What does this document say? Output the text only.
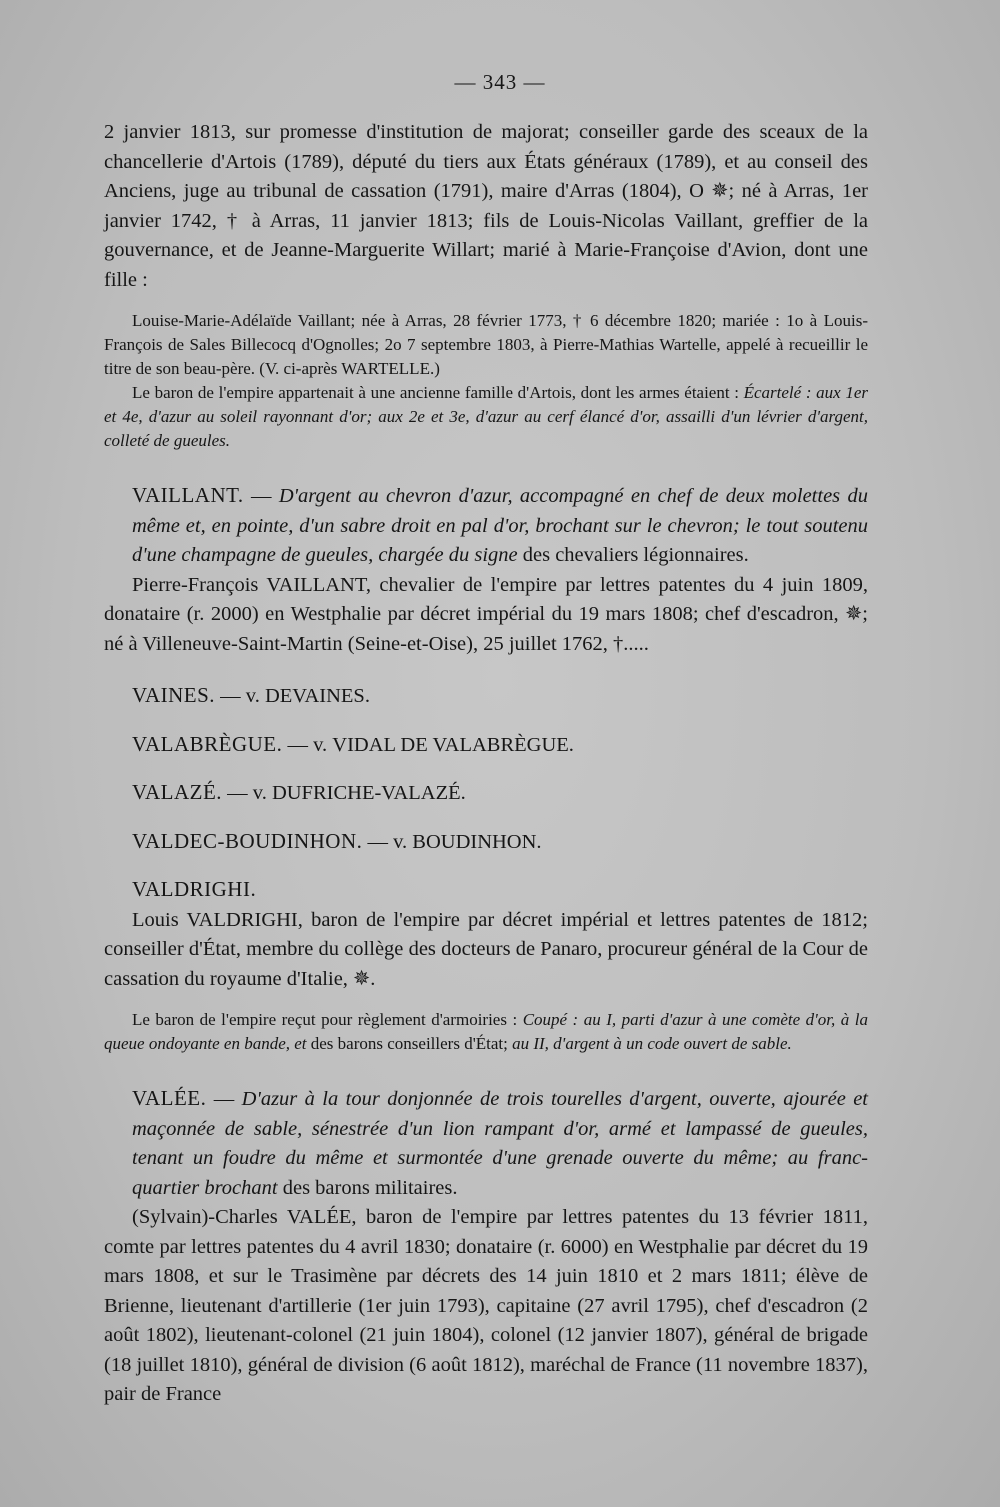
— 343 —

2 janvier 1813, sur promesse d'institution de majorat; conseiller garde des sceaux de la chancellerie d'Artois (1789), député du tiers aux États généraux (1789), et au conseil des Anciens, juge au tribunal de cassation (1791), maire d'Arras (1804), O ✵; né à Arras, 1er janvier 1742, † à Arras, 11 janvier 1813; fils de Louis-Nicolas Vaillant, greffier de la gouvernance, et de Jeanne-Marguerite Willart; marié à Marie-Françoise d'Avion, dont une fille :

Louise-Marie-Adélaïde Vaillant; née à Arras, 28 février 1773, † 6 décembre 1820; mariée : 1o à Louis-François de Sales Billecocq d'Ognolles; 2o 7 septembre 1803, à Pierre-Mathias Wartelle, appelé à recueillir le titre de son beau-père. (V. ci-après WARTELLE.)

Le baron de l'empire appartenait à une ancienne famille d'Artois, dont les armes étaient : Écartelé : aux 1er et 4e, d'azur au soleil rayonnant d'or; aux 2e et 3e, d'azur au cerf élancé d'or, assailli d'un lévrier d'argent, colleté de gueules.

VAILLANT. — D'argent au chevron d'azur, accompagné en chef de deux molettes du même et, en pointe, d'un sabre droit en pal d'or, brochant sur le chevron; le tout soutenu d'une champagne de gueules, chargée du signe des chevaliers légionnaires.

Pierre-François VAILLANT, chevalier de l'empire par lettres patentes du 4 juin 1809, donataire (r. 2000) en Westphalie par décret impérial du 19 mars 1808; chef d'escadron, ✵; né à Villeneuve-Saint-Martin (Seine-et-Oise), 25 juillet 1762, †.....

VAINES. — v. DEVAINES.

VALABRÈGUE. — v. VIDAL DE VALABRÈGUE.

VALAZÉ. — v. DUFRICHE-VALAZÉ.

VALDEC-BOUDINHON. — v. BOUDINHON.

VALDRIGHI.

Louis VALDRIGHI, baron de l'empire par décret impérial et lettres patentes de 1812; conseiller d'État, membre du collège des docteurs de Panaro, procureur général de la Cour de cassation du royaume d'Italie, ✵.

Le baron de l'empire reçut pour règlement d'armoiries : Coupé : au I, parti d'azur à une comète d'or, à la queue ondoyante en bande, et des barons conseillers d'État; au II, d'argent à un code ouvert de sable.

VALÉE. — D'azur à la tour donjonnée de trois tourelles d'argent, ouverte, ajourée et maçonnée de sable, sénestrée d'un lion rampant d'or, armé et lampassé de gueules, tenant un foudre du même et surmontée d'une grenade ouverte du même; au franc-quartier brochant des barons militaires.

(Sylvain)-Charles VALÉE, baron de l'empire par lettres patentes du 13 février 1811, comte par lettres patentes du 4 avril 1830; donataire (r. 6000) en Westphalie par décret du 19 mars 1808, et sur le Trasimène par décrets des 14 juin 1810 et 2 mars 1811; élève de Brienne, lieutenant d'artillerie (1er juin 1793), capitaine (27 avril 1795), chef d'escadron (2 août 1802), lieutenant-colonel (21 juin 1804), colonel (12 janvier 1807), général de brigade (18 juillet 1810), général de division (6 août 1812), maréchal de France (11 novembre 1837), pair de France
